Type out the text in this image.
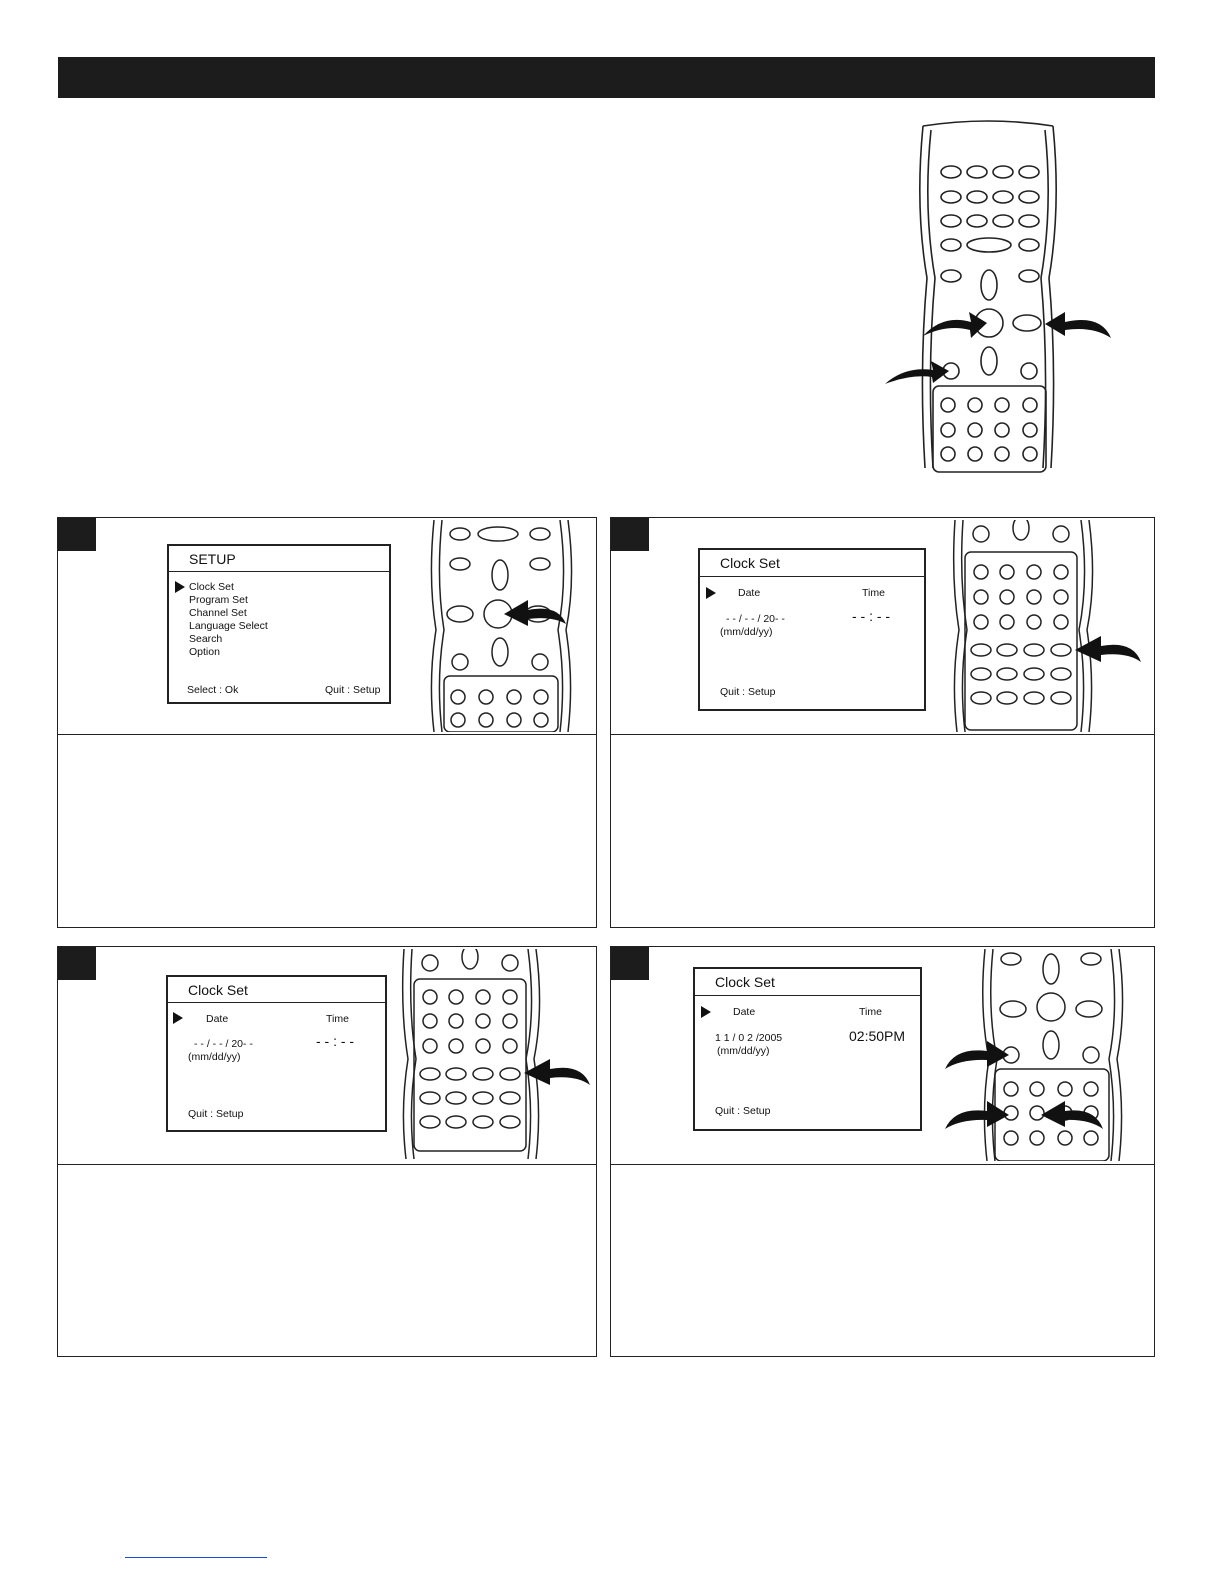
SETUP
Clock Set
Program Set
Channel Set
Language Select
Search
Option
Select : Ok	Quit : Setup
Clock Set
Date	Time
- - / - - / 20- -
(mm/dd/yy)
- - : - -
Quit : Setup
Clock Set
Date	Time
- - / - - / 20- -
(mm/dd/yy)
- - : - -
Quit : Setup
Clock Set
Date	Time
1 1 / 0 2 /2005
(mm/dd/yy)
02:50PM
Quit : Setup
